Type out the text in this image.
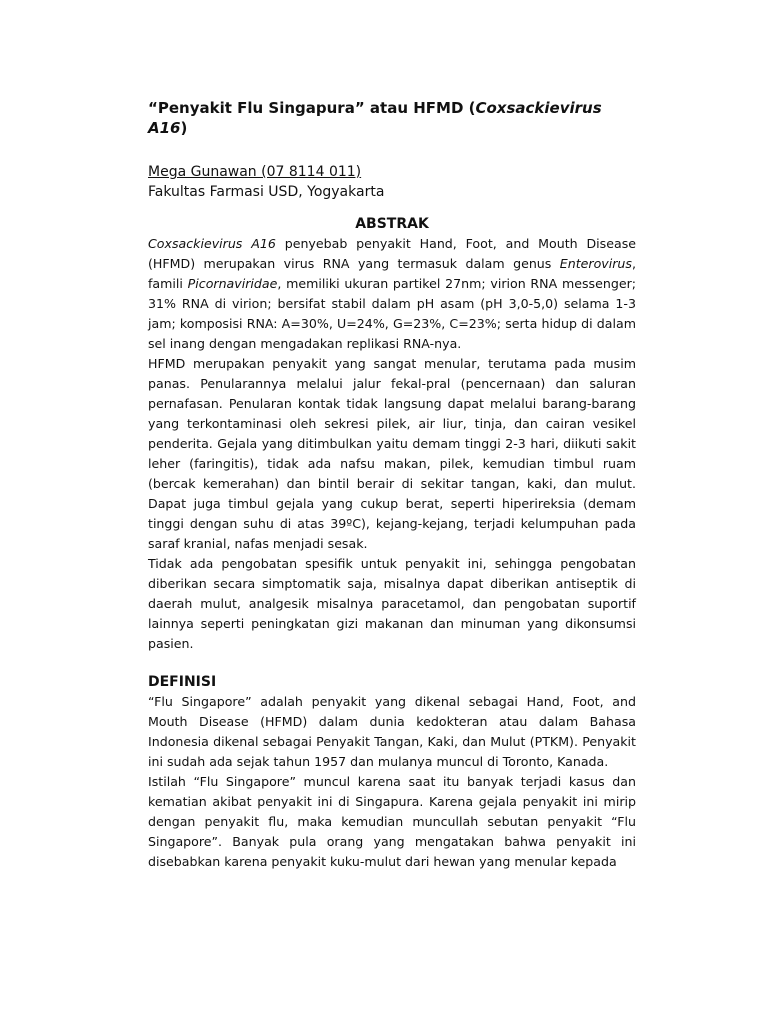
“Penyakit Flu Singapura” atau HFMD (Coxsackievirus A16)
Mega Gunawan (07 8114 011)
Fakultas Farmasi USD, Yogyakarta
ABSTRAK

Coxsackievirus A16 penyebab penyakit Hand, Foot, and Mouth Disease (HFMD) merupakan virus RNA yang termasuk dalam genus Enterovirus, famili Picornaviridae, memiliki ukuran partikel 27nm; virion RNA messenger; 31% RNA di virion; bersifat stabil dalam pH asam (pH 3,0-5,0) selama 1-3 jam; komposisi RNA: A=30%, U=24%, G=23%, C=23%; serta hidup di dalam sel inang dengan mengadakan replikasi RNA-nya.

HFMD merupakan penyakit yang sangat menular, terutama pada musim panas. Penularannya melalui jalur fekal-pral (pencernaan) dan saluran pernafasan. Penularan kontak tidak langsung dapat melalui barang-barang yang terkontaminasi oleh sekresi pilek, air liur, tinja, dan cairan vesikel penderita. Gejala yang ditimbulkan yaitu demam tinggi 2-3 hari, diikuti sakit leher (faringitis), tidak ada nafsu makan, pilek, kemudian timbul ruam (bercak kemerahan) dan bintil berair di sekitar tangan, kaki, dan mulut. Dapat juga timbul gejala yang cukup berat, seperti hiperireksia (demam tinggi dengan suhu di atas 39ºC), kejang-kejang, terjadi kelumpuhan pada saraf kranial, nafas menjadi sesak.

Tidak ada pengobatan spesifik untuk penyakit ini, sehingga pengobatan diberikan secara simptomatik saja, misalnya dapat diberikan antiseptik di daerah mulut, analgesik misalnya paracetamol, dan pengobatan suportif lainnya seperti peningkatan gizi makanan dan minuman yang dikonsumsi pasien.

DEFINISI

“Flu Singapore” adalah penyakit yang dikenal sebagai Hand, Foot, and Mouth Disease (HFMD) dalam dunia kedokteran atau dalam Bahasa Indonesia dikenal sebagai Penyakit Tangan, Kaki, dan Mulut (PTKM). Penyakit ini sudah ada sejak tahun 1957 dan mulanya muncul di Toronto, Kanada.

Istilah “Flu Singapore” muncul karena saat itu banyak terjadi kasus dan kematian akibat penyakit ini di Singapura. Karena gejala penyakit ini mirip dengan penyakit flu, maka kemudian muncullah sebutan penyakit “Flu Singapore”. Banyak pula orang yang mengatakan bahwa penyakit ini disebabkan karena penyakit kuku-mulut dari hewan yang menular kepada
